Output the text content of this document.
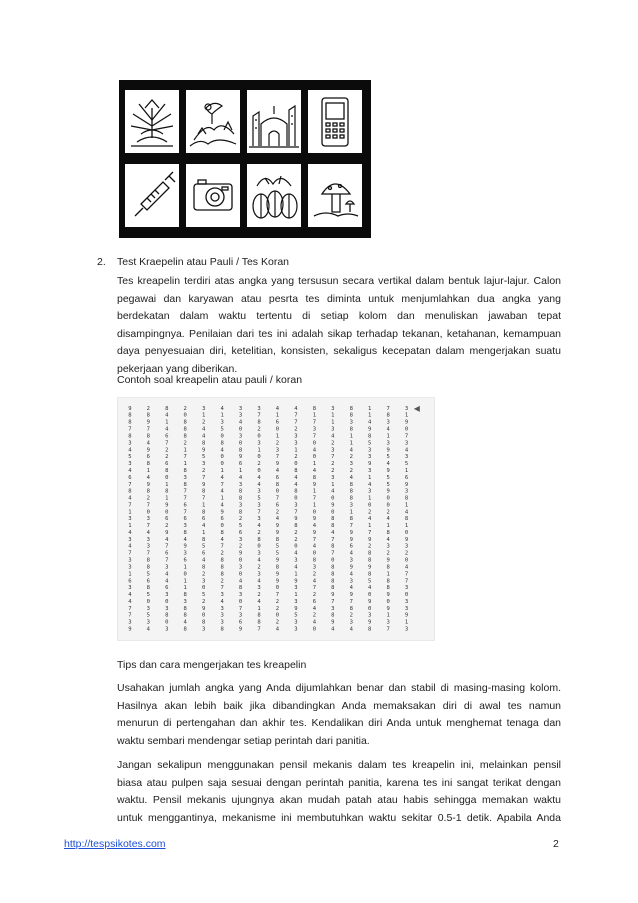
2. Test Kraepelin atau Pauli / Tes Koran
Tes kreapelin terdiri atas angka yang tersusun secara vertikal dalam bentuk lajur-lajur. Calon
pegawai dan karyawan atau pesrta tes diminta untuk menjumlahkan dua angka yang
berdekatan dalam waktu tertentu di setiap kolom dan menuliskan jawaban tepat
disampingnya. Penilaian dari tes ini adalah sikap terhadap tekanan, ketahanan, kemampuan
daya penyesuaian diri, ketelitian, konsisten, sekaligus kecepatan dalam mengerjakan suatu
pekerjaan yang diberikan.
Contoh soal kreapelin atau pauli / koran
9	2	8	2	3	4	3	3	4	4	8	3	8	1	7	3
8	8	4	0	1	1	3	7	1	7	1	1	8	1	8	1
8	9	1	8	2	3	4	8	6	7	7	1	3	4	3	9
7	7	4	8	4	5	0	2	0	2	3	3	8	9	4	0
8	8	6	8	4	0	3	0	1	3	7	4	1	8	1	7
3	4	7	2	8	8	0	3	2	3	0	2	1	5	3	3
4	9	2	1	9	4	8	1	3	1	4	3	4	3	9	4
5	6	2	7	5	0	9	0	7	2	0	7	2	3	5	3
3	8	6	1	3	0	6	2	9	0	1	2	3	9	4	5
4	1	8	8	2	1	1	0	4	8	4	2	2	3	9	1
6	4	0	3	7	4	4	4	6	4	8	3	4	1	5	6
7	9	1	8	9	7	3	4	8	4	9	1	8	4	5	9
8	8	8	7	8	4	8	3	0	8	1	4	8	3	9	3
4	2	1	7	7	1	8	5	7	0	7	0	8	1	0	8
7	7	9	6	1	4	3	3	6	3	1	9	3	0	0	1
1	0	0	7	8	9	8	7	2	7	0	0	1	2	2	4
3	3	6	6	6	6	2	3	4	9	9	8	8	4	4	8
1	7	2	3	4	0	5	4	9	8	4	8	7	1	1	1
4	4	9	8	1	8	6	2	9	2	9	4	9	7	8	0
3	3	4	4	8	4	3	8	8	2	7	7	9	9	4	9
4	3	7	9	5	7	2	0	5	0	4	8	6	2	3	3
7	7	6	3	6	2	9	3	5	4	0	7	4	8	2	2
3	8	7	6	4	8	0	4	9	3	8	0	3	8	9	0
3	8	3	1	8	8	3	2	8	4	3	8	9	9	8	4
1	5	4	0	2	8	0	3	9	1	2	8	4	8	1	7
6	6	4	1	3	2	4	4	9	9	4	8	3	5	8	7
3	8	6	1	0	7	8	3	0	3	7	8	4	4	8	3
4	5	3	8	5	3	3	2	7	1	2	9	9	0	9	0
4	0	0	3	2	4	0	4	2	3	6	7	7	9	0	3
7	3	3	8	9	3	7	1	2	9	4	3	8	0	9	3
7	5	8	8	0	3	3	8	0	5	2	8	2	3	1	9
3	3	0	4	8	3	6	8	2	3	4	9	3	9	3	1
9	4	3	8	3	8	9	7	4	3	0	4	4	8	7	3
Tips dan cara mengerjakan tes kreapelin
Usahakan jumlah angka yang Anda dijumlahkan benar dan stabil di masing-masing kolom.
Hasilnya akan lebih baik jika dibandingkan Anda memaksakan diri di awal tes namun
menurun di pertengahan dan akhir tes. Kendalikan diri Anda untuk menghemat tenaga dan
waktu sembari mendengar setiap perintah dari panitia.
Jangan sekalipun menggunakan pensil mekanis dalam tes kreapelin ini, melainkan pensil
biasa atau pulpen saja sesuai dengan perintah panitia, karena tes ini sangat terikat dengan
waktu. Pensil mekanis ujungnya akan mudah patah atau habis sehingga memakan waktu
untuk menggantinya, mekanisme ini membutuhkan waktu sekitar 0.5-1 detik. Apabila Anda
http://tespsikotes.com	2
